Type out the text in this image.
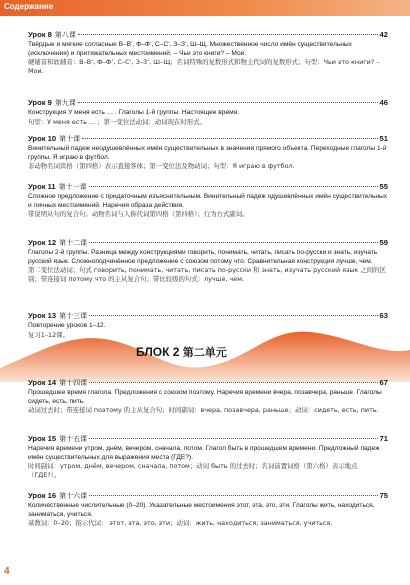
Содержание
Урок 8 第八课	42
Твёрдые и мягкие согласные В–В’, Ф–Ф’, С–С’, З–З’, Ш–Щ. Множественное число имён существительных (исключения) и притяжательных местоимений. – Чьи это книги? – Мои.
硬辅音和软辅音：В–В’, Ф–Ф’, С–С’, З–З’, Ш–Щ；名词特殊的复数形式和物主代词的复数形式；句型：Чьи это книги? – Мои.
Урок 9 第九课	46
Конструкция У меня есть … . Глаголы 1-й группы. Настоящее время.
句型：У меня есть … ；第一变位法动词；动词现在时形式。
Урок 10 第十课	51
Винительный падеж неодушевлённых имён существительных в значении прямого объекта. Переходные глаголы 1-й группы. Я играю в футбол.
非动物名词宾格（第四格）表示直接客体；第一变位法及物动词；句型：Я играю в футбол.
Урок 11 第十一课	55
Сложное предложение с придаточным изъяснительным. Винительный падеж одушевлённых имён существительных и личных местоимений. Наречия образа действия.
带说明从句的复合句；动物名词与人称代词第四格（第四格）；行为方式副词。
Урок 12 第十二课	59
Глаголы 2-й группы. Разница между конструкциями говорить, понимать, читать, писать по-русски и знать, изучать русский язык. Сложноподчинённое предложение с союзом потому что. Сравнительная конструкция лучше, чем.
第二变位法动词；句式 говорить, понимать, читать, писать по-русски 和 знать, изучать русский язык 之间的区别；带连接词 потому что 的主从复合句；带比较级的句式：лучше, чем.
Урок 13 第十三课	63
Повторение уроков 1–12.
复习1–12课。
БЛОК 2 第二单元
Урок 14 第十四课	67
Прошедшее время глагола. Предложения с союзом поэтому. Наречия времени вчера, позавчера, раньше. Глаголы сидеть, есть, пить.
动词过去时；带连接词 поэтому 的主从复合句；时间副词：вчера, позавчера, раньше；动词：сидеть, есть, пить.
Урок 15 第十五课	71
Наречия времени утром, днём, вечером, сначала, потом. Глагол быть в прошедшем времени. Предложный падеж имён существительных для выражения места (ГДЕ?).
时间副词：утром, днём, вечером, сначала, потом；动词 быть 的过去时；名词前置词格（第六格）表示地点（ГДЕ?）。
Урок 16 第十六课	75
Количественные числительные (0–20). Указательные местоимения этот, эта, это, эти. Глаголы жить, находиться, заниматься, учиться.
基数词：0–20；指示代词： этот, эта, это, эти；动词：жить, находиться, заниматься, учиться.
4
